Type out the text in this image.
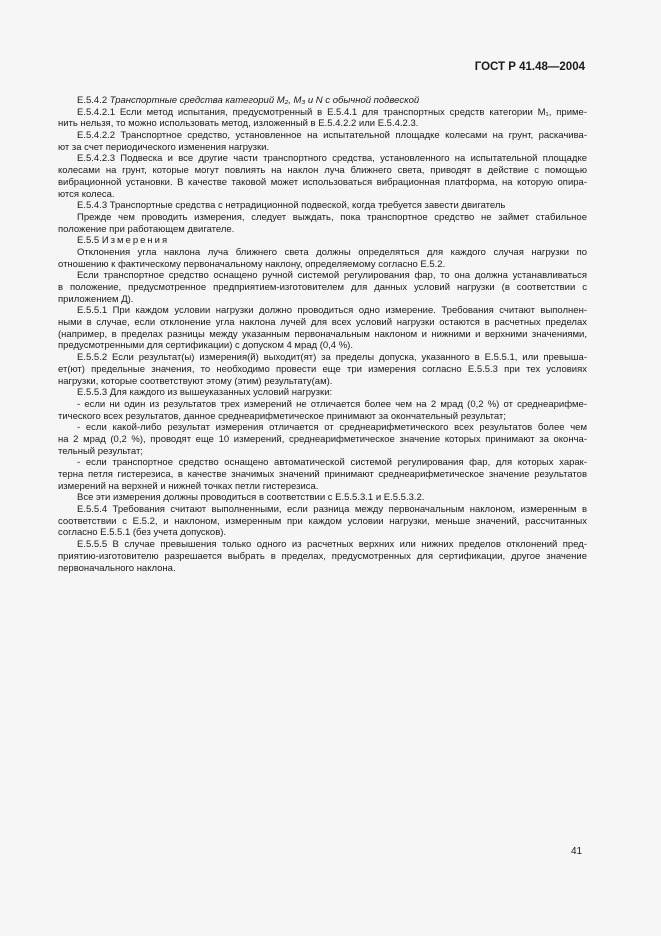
ГОСТ Р 41.48—2004
Е.5.4.2 Транспортные средства категорий M₂, M₃ и N с обычной подвеской
Е.5.4.2.1 Если метод испытания, предусмотренный в Е.5.4.1 для транспортных средств категории M₁, приме-
нить нельзя, то можно использовать метод, изложенный в Е.5.4.2.2 или Е.5.4.2.3.
Е.5.4.2.2 Транспортное средство, установленное на испытательной площадке колесами на грунт, раскачива-
ют за счет периодического изменения нагрузки.
Е.5.4.2.3 Подвеска и все другие части транспортного средства, установленного на испытательной площадке
колесами на грунт, которые могут повлиять на наклон луча ближнего света, приводят в действие с помощью
вибрационной установки. В качестве таковой может использоваться вибрационная платформа, на которую опира-
ются колеса.
Е.5.4.3 Транспортные средства с нетрадиционной подвеской, когда требуется завести двигатель
Прежде чем проводить измерения, следует выждать, пока транспортное средство не займет стабильное
положение при работающем двигателе.
Е.5.5 Измерения
Отклонения угла наклона луча ближнего света должны определяться для каждого случая нагрузки по
отношению к фактическому первоначальному наклону, определяемому согласно Е.5.2.
Если транспортное средство оснащено ручной системой регулирования фар, то она должна устанавливаться
в положение, предусмотренное предприятием-изготовителем для данных условий нагрузки (в соответствии с
приложением Д).
Е.5.5.1 При каждом условии нагрузки должно проводиться одно измерение. Требования считают выполнен-
ными в случае, если отклонение угла наклона лучей для всех условий нагрузки остаются в расчетных пределах
(например, в пределах разницы между указанным первоначальным наклоном и нижними и верхними значениями,
предусмотренными для сертификации) с допуском 4 мрад (0,4 %).
Е.5.5.2 Если результат(ы) измерения(й) выходит(ят) за пределы допуска, указанного в Е.5.5.1, или превыша-
ет(ют) предельные значения, то необходимо провести еще три измерения согласно Е.5.5.3 при тех условиях
нагрузки, которые соответствуют этому (этим) результату(ам).
Е.5.5.3 Для каждого из вышеуказанных условий нагрузки:
- если ни один из результатов трех измерений не отличается более чем на 2 мрад (0,2 %) от среднеарифме-
тического всех результатов, данное среднеарифметическое принимают за окончательный результат;
- если какой-либо результат измерения отличается от среднеарифметического всех результатов более чем
на 2 мрад (0,2 %), проводят еще 10 измерений, среднеарифметическое значение которых принимают за оконча-
тельный результат;
- если транспортное средство оснащено автоматической системой регулирования фар, для которых харак-
терна петля гистерезиса, в качестве значимых значений принимают среднеарифметическое значение результатов
измерений на верхней и нижней точках петли гистерезиса.
Все эти измерения должны проводиться в соответствии с Е.5.5.3.1 и Е.5.5.3.2.
Е.5.5.4 Требования считают выполненными, если разница между первоначальным наклоном, измеренным в
соответствии с Е.5.2, и наклоном, измеренным при каждом условии нагрузки, меньше значений, рассчитанных
согласно Е.5.5.1 (без учета допусков).
Е.5.5.5 В случае превышения только одного из расчетных верхних или нижних пределов отклонений пред-
приятию-изготовителю разрешается выбрать в пределах, предусмотренных для сертификации, другое значение
первоначального наклона.
41
